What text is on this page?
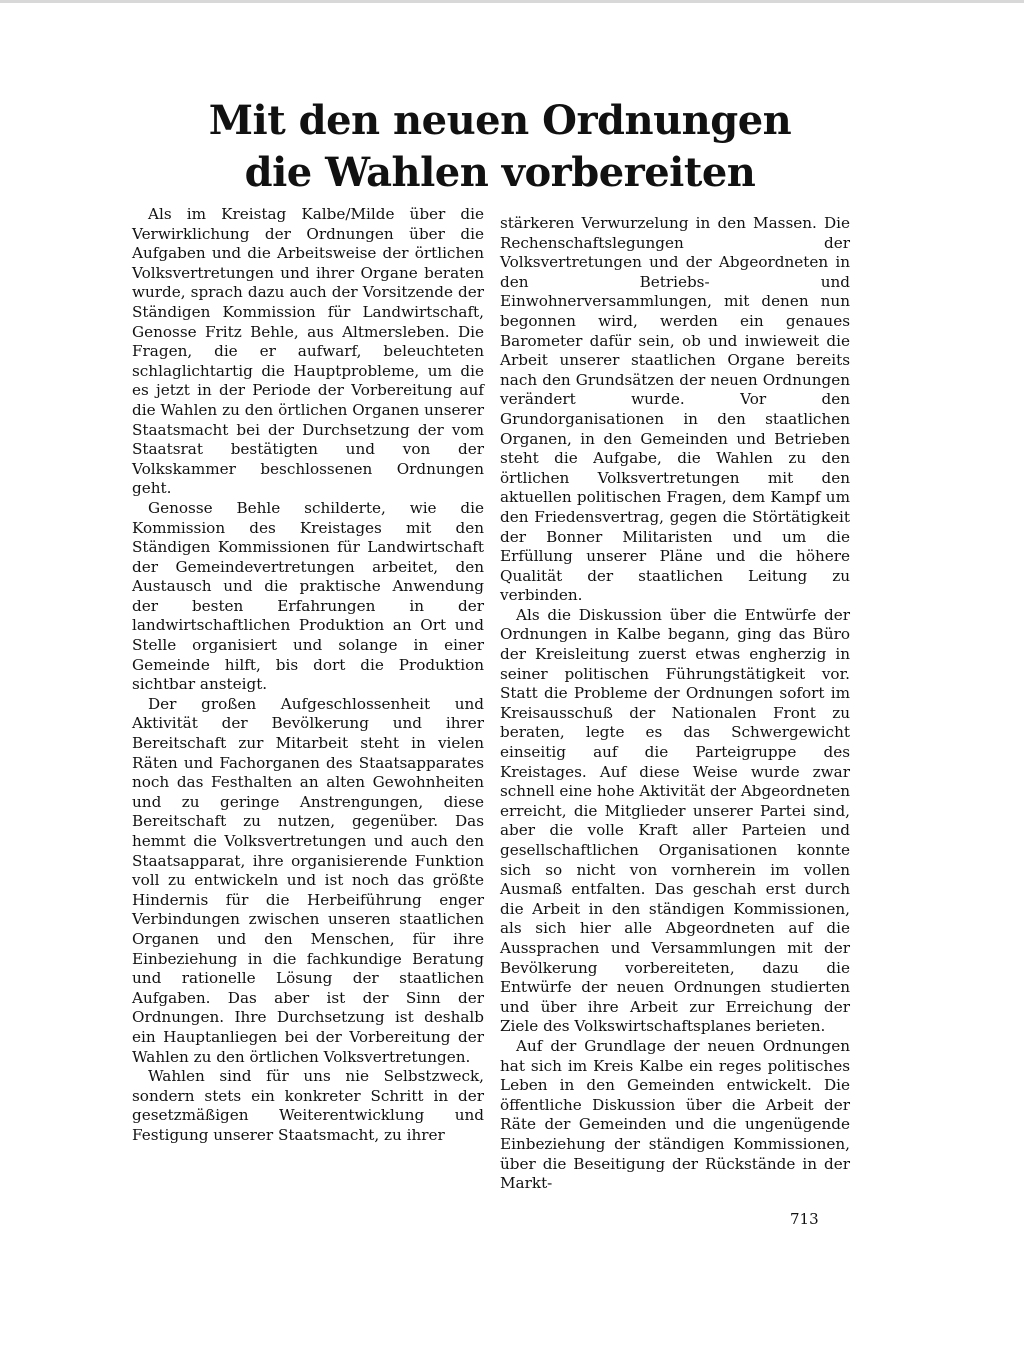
Mit den neuen Ordnungen
die Wahlen vorbereiten

Als im Kreistag Kalbe/Milde über die Verwirklichung der Ordnungen über die Aufgaben und die Arbeitsweise der örtlichen Volksvertretungen und ihrer Organe beraten wurde, sprach dazu auch der Vorsitzende der Ständigen Kommission für Landwirtschaft, Genosse Fritz Behle, aus Altmersleben. Die Fragen, die er aufwarf, beleuchteten schlaglichtartig die Hauptprobleme, um die es jetzt in der Periode der Vorbereitung auf die Wahlen zu den örtlichen Organen unserer Staatsmacht bei der Durchsetzung der vom Staatsrat bestätigten und von der Volkskammer beschlossenen Ordnungen geht.

Genosse Behle schilderte, wie die Kommission des Kreistages mit den Ständigen Kommissionen für Landwirtschaft der Gemeindevertretungen arbeitet, den Austausch und die praktische Anwendung der besten Erfahrungen in der landwirtschaftlichen Produktion an Ort und Stelle organisiert und solange in einer Gemeinde hilft, bis dort die Produktion sichtbar ansteigt.

Der großen Aufgeschlossenheit und Aktivität der Bevölkerung und ihrer Bereitschaft zur Mitarbeit steht in vielen Räten und Fachorganen des Staatsapparates noch das Festhalten an alten Gewohnheiten und zu geringe Anstrengungen, diese Bereitschaft zu nutzen, gegenüber. Das hemmt die Volksvertretungen und auch den Staatsapparat, ihre organisierende Funktion voll zu entwickeln und ist noch das größte Hindernis für die Herbeiführung enger Verbindungen zwischen unseren staatlichen Organen und den Menschen, für ihre Einbeziehung in die fachkundige Beratung und rationelle Lösung der staatlichen Aufgaben. Das aber ist der Sinn der Ordnungen. Ihre Durchsetzung ist deshalb ein Hauptanliegen bei der Vorbereitung der Wahlen zu den örtlichen Volksvertretungen.

Wahlen sind für uns nie Selbstzweck, sondern stets ein konkreter Schritt in der gesetzmäßigen Weiterentwicklung und Festigung unserer Staatsmacht, zu ihrer

stärkeren Verwurzelung in den Massen. Die Rechenschaftslegungen der Volksvertretungen und der Abgeordneten in den Betriebs- und Einwohnerversammlungen, mit denen nun begonnen wird, werden ein genaues Barometer dafür sein, ob und inwieweit die Arbeit unserer staatlichen Organe bereits nach den Grundsätzen der neuen Ordnungen verändert wurde. Vor den Grundorganisationen in den staatlichen Organen, in den Gemeinden und Betrieben steht die Aufgabe, die Wahlen zu den örtlichen Volksvertretungen mit den aktuellen politischen Fragen, dem Kampf um den Friedensvertrag, gegen die Störtätigkeit der Bonner Militaristen und um die Erfüllung unserer Pläne und die höhere Qualität der staatlichen Leitung zu verbinden.

Als die Diskussion über die Entwürfe der Ordnungen in Kalbe begann, ging das Büro der Kreisleitung zuerst etwas engherzig in seiner politischen Führungstätigkeit vor. Statt die Probleme der Ordnungen sofort im Kreisausschuß der Nationalen Front zu beraten, legte es das Schwergewicht einseitig auf die Parteigruppe des Kreistages. Auf diese Weise wurde zwar schnell eine hohe Aktivität der Abgeordneten erreicht, die Mitglieder unserer Partei sind, aber die volle Kraft aller Parteien und gesellschaftlichen Organisationen konnte sich so nicht von vornherein im vollen Ausmaß entfalten. Das geschah erst durch die Arbeit in den ständigen Kommissionen, als sich hier alle Abgeordneten auf die Aussprachen und Versammlungen mit der Bevölkerung vorbereiteten, dazu die Entwürfe der neuen Ordnungen studierten und über ihre Arbeit zur Erreichung der Ziele des Volkswirtschaftsplanes berieten.

Auf der Grundlage der neuen Ordnungen hat sich im Kreis Kalbe ein reges politisches Leben in den Gemeinden entwickelt. Die öffentliche Diskussion über die Arbeit der Räte der Gemeinden und die ungenügende Einbeziehung der ständigen Kommissionen, über die Beseitigung der Rückstände in der Markt-

713
